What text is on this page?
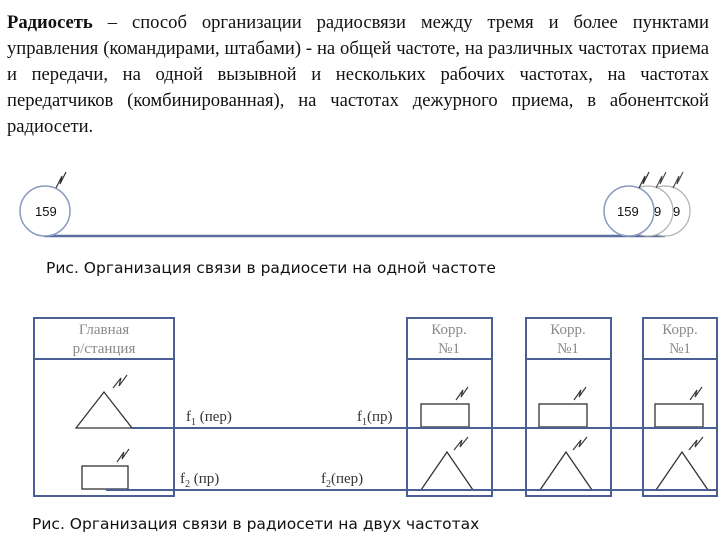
Радиосеть – способ организации радиосвязи между тремя и более пунктами управления (командирами, штабами) - на общей частоте, на различных частотах приема и передачи, на одной вызывной и нескольких рабочих частотах, на частотах передатчиков (комбинированная), на частотах дежурного приема, в абонентской радиосети.

159	9
9
159
Главная
р/станция
Корр.
№1
Корр.
№1
Корр.
№1
$f_1$ (пер)	$f_1(пр)$
$f_2$ (пр)	$f_2(пер)$
Рис. Организация связи в радиосети на одной частоте
Рис. Организация связи в радиосети на двух частотах
